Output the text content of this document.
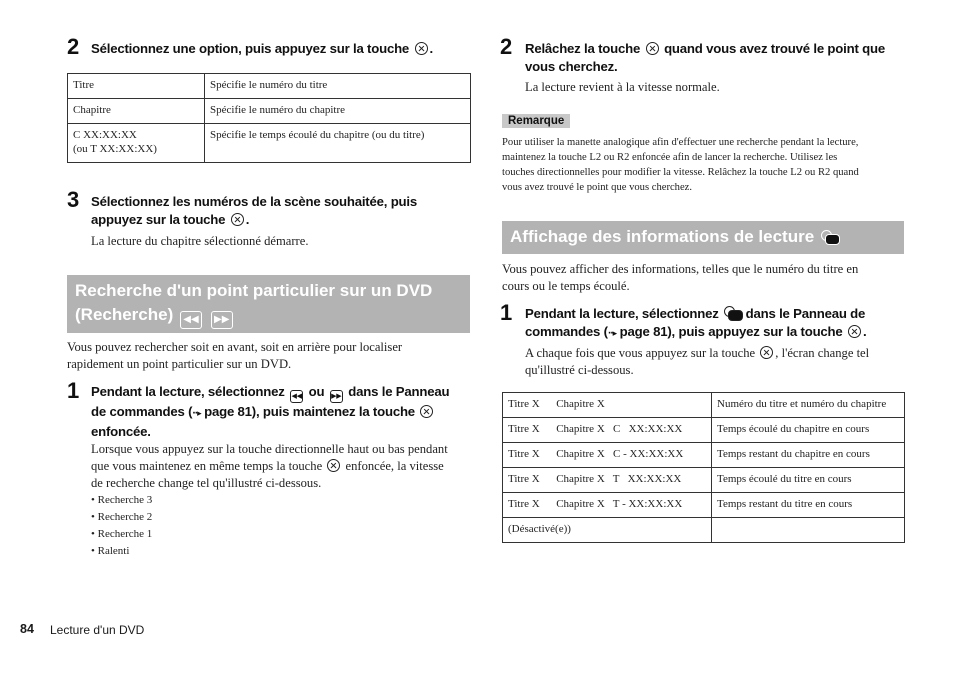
2 Sélectionnez une option, puis appuyez sur la touche .
Titre	Spécifie le numéro du titre
Chapitre	Spécifie le numéro du chapitre

C XX:XX:XX
(ou T XX:XX:XX)	Spécifie le temps écoulé du chapitre (ou du titre)
3 Sélectionnez les numéros de la scène souhaitée, puis
appuyez sur la touche .
La lecture du chapitre sélectionné démarre.
Recherche d'un point particulier sur un DVD
(Recherche) ◀◀ ▶▶
Vous pouvez rechercher soit en avant, soit en arrière pour localiser
rapidement un point particulier sur un DVD.
1 Pendant la lecture, sélectionnez ◀◀ ou ▶▶ dans le Panneau
de commandes (··▸ page 81), puis maintenez la touche
enfoncée.
Lorsque vous appuyez sur la touche directionnelle haut ou bas pendant
que vous maintenez en même temps la touche enfoncée, la vitesse
de recherche change tel qu'illustré ci-dessous.
• Recherche 3
• Recherche 2
• Recherche 1
• Ralenti
2 Relâchez la touche quand vous avez trouvé le point que
vous cherchez.
La lecture revient à la vitesse normale.
Remarque
Pour utiliser la manette analogique afin d'effectuer une recherche pendant la lecture,
maintenez la touche L2 ou R2 enfoncée afin de lancer la recherche. Utilisez les
touches directionnelles pour modifier la vitesse. Relâchez la touche L2 ou R2 quand
vous avez trouvé le point que vous cherchez.
Affichage des informations de lecture
Vous pouvez afficher des informations, telles que le numéro du titre en
cours ou le temps écoulé.
1 Pendant la lecture, sélectionnez dans le Panneau de
commandes (··▸ page 81), puis appuyez sur la touche .
A chaque fois que vous appuyez sur la touche , l'écran change tel
qu'illustré ci-dessous.
Titre X Chapitre X	Numéro du titre et numéro du chapitre
Titre X Chapitre X   C   XX:XX:XX	Temps écoulé du chapitre en cours
Titre X Chapitre X   C - XX:XX:XX	Temps restant du chapitre en cours
Titre X Chapitre X   T   XX:XX:XX	Temps écoulé du titre en cours
Titre X Chapitre X   T - XX:XX:XX	Temps restant du titre en cours
(Désactivé(e))	
84 Lecture d'un DVD
